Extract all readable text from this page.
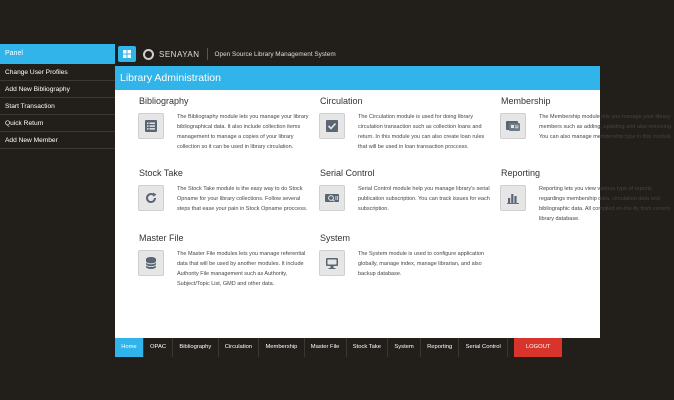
Panel
Change User Profiles
Add New Bibliography
Start Transaction
Quick Return
Add New Member
SENAYAN Open Source Library Management System
Library Administration
Bibliography
The Bibliography module lets you manage your library bibliographical data. It also include collection items management to manage a copies of your library collection so it can be used in library circulation.
Circulation
The Circulation module is used for doing library circulation transaction such as collection loans and return. In this module you can also create loan rules that will be used in loan transaction proccess.
Membership
The Membership module lets you manage your library members such as adding, updating and also removing. You can also manage membership type in this module.
Stock Take
The Stock Take module is the easy way to do Stock Opname for your library collections. Follow several steps that ease your pain in Stock Opname proccess.
Serial Control
Serial Control module help you manage library's serial publication subscription. You can track issues for each subscription.
Reporting
Reporting lets you view various type of reports regardings membership data, circulation data and bibliographic data. All compiled on-the-fly from current library database.
Master File
The Master File modules lets you manage referential data that will be used by another modules. It include Authority File management such as Authority, Subject/Topic List, GMD and other data.
System
The System module is used to configure application globally, manage index, manage librarian, and also backup database.
Home	OPAC	Bibliography	Circulation	Membership	Master File	Stock Take	System	Reporting	Serial Control	LOGOUT
